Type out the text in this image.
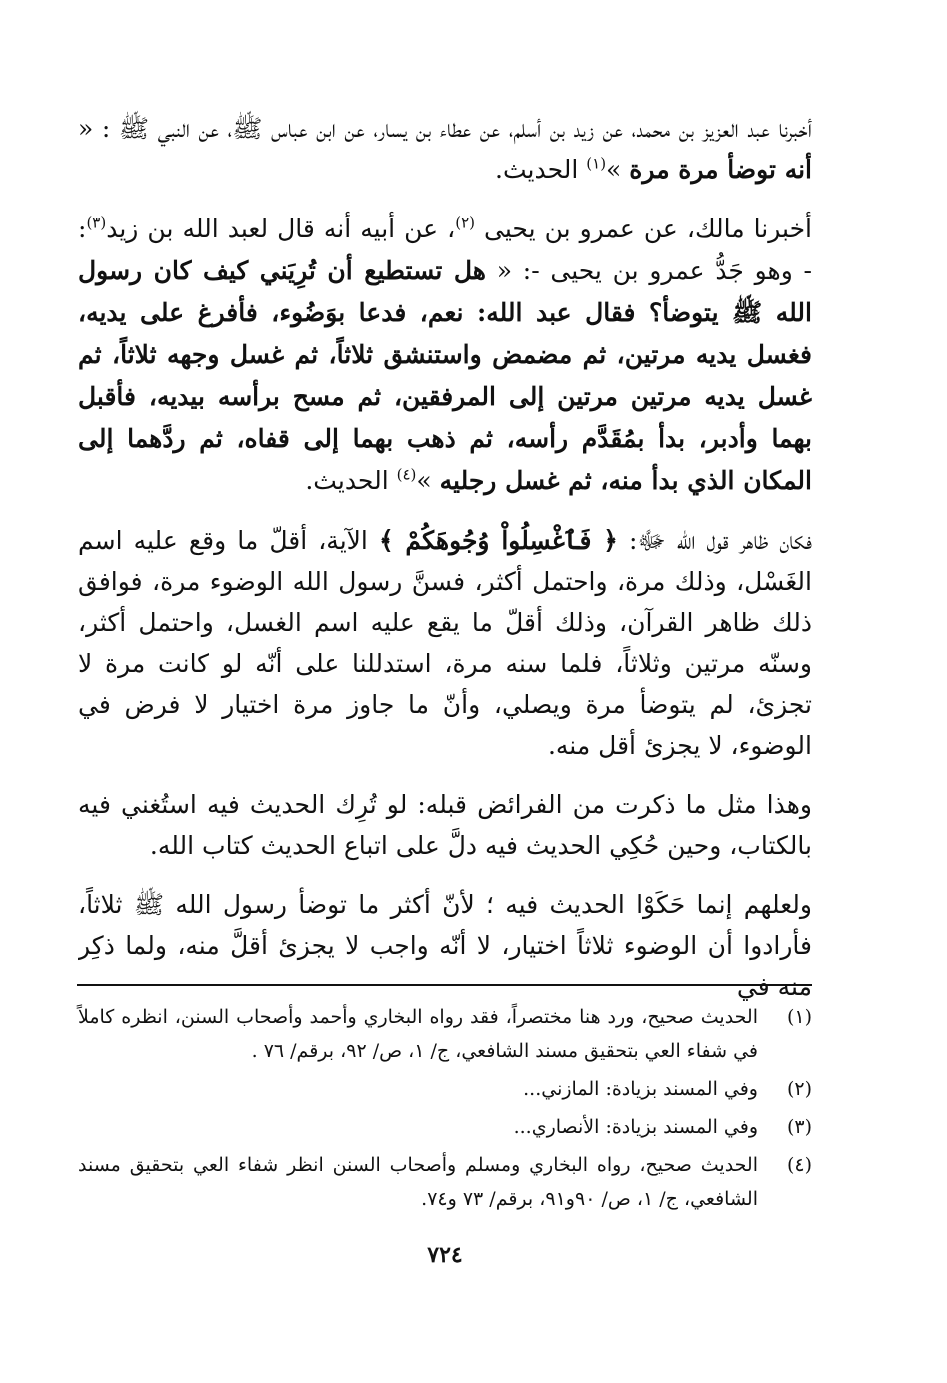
أخبرنا عبد العزيز بن محمد، عن زيد بن أسلم، عن عطاء بن يسار، عن ابن عباس ﷺ، عن النبي ﷺ : « أنه توضأ مرة مرة »$^{(١)}$ الحديث.

أخبرنا مالك، عن عمرو بن يحيى $^{(٢)}$، عن أبيه أنه قال لعبد الله بن زيد$^{(٣)}$: - وهو جَدُّ عمرو بن يحيى -: « هل تستطيع أن تُرِيَني كيف كان رسول الله ﷺ يتوضأ؟ فقال عبد الله: نعم، فدعا بوَضُوء، فأفرغ على يديه، فغسل يديه مرتين، ثم مضمض واستنشق ثلاثاً، ثم غسل وجهه ثلاثاً، ثم غسل يديه مرتين مرتين إلى المرفقين، ثم مسح برأسه بيديه، فأقبل بهما وأدبر، بدأ بمُقَدَّم رأسه، ثم ذهب بهما إلى قفاه، ثم ردَّهما إلى المكان الذي بدأ منه، ثم غسل رجليه »$^{(٤)}$ الحديث.

فكان ظاهر قول الله ﷻ: ﴿ فَٱغْسِلُواْ وُجُوهَكُمْ ﴾ الآية، أقلّ ما وقع عليه اسم الغَسْل، وذلك مرة، واحتمل أكثر، فسنَّ رسول الله الوضوء مرة، فوافق ذلك ظاهر القرآن، وذلك أقلّ ما يقع عليه اسم الغسل، واحتمل أكثر، وسنّه مرتين وثلاثاً، فلما سنه مرة، استدللنا على أنّه لو كانت مرة لا تجزئ، لم يتوضأ مرة ويصلي، وأنّ ما جاوز مرة اختيار لا فرض في الوضوء، لا يجزئ أقل منه.

وهذا مثل ما ذكرت من الفرائض قبله: لو تُرِك الحديث فيه استُغني فيه بالكتاب، وحين حُكِي الحديث فيه دلَّ على اتباع الحديث كتاب الله.

ولعلهم إنما حَكَوْا الحديث فيه ؛ لأنّ أكثر ما توضأ رسول الله ﷺ ثلاثاً، فأرادوا أن الوضوء ثلاثاً اختيار، لا أنّه واجب لا يجزئ أقلَّ منه، ولما ذكِر منه في

(١)
الحديث صحيح، ورد هنا مختصراً، فقد رواه البخاري وأحمد وأصحاب السنن، انظره كاملاً في شفاء العي بتحقيق مسند الشافعي، ج/ ١، ص/ ٩٢، برقم/ ٧٦ .
(٢)
وفي المسند بزيادة: المازني...
(٣)
وفي المسند بزيادة: الأنصاري...
(٤)
الحديث صحيح، رواه البخاري ومسلم وأصحاب السنن انظر شفاء العي بتحقيق مسند الشافعي، ج/ ١، ص/ ٩٠و٩١، برقم/ ٧٣ و٧٤.
٧٢٤
